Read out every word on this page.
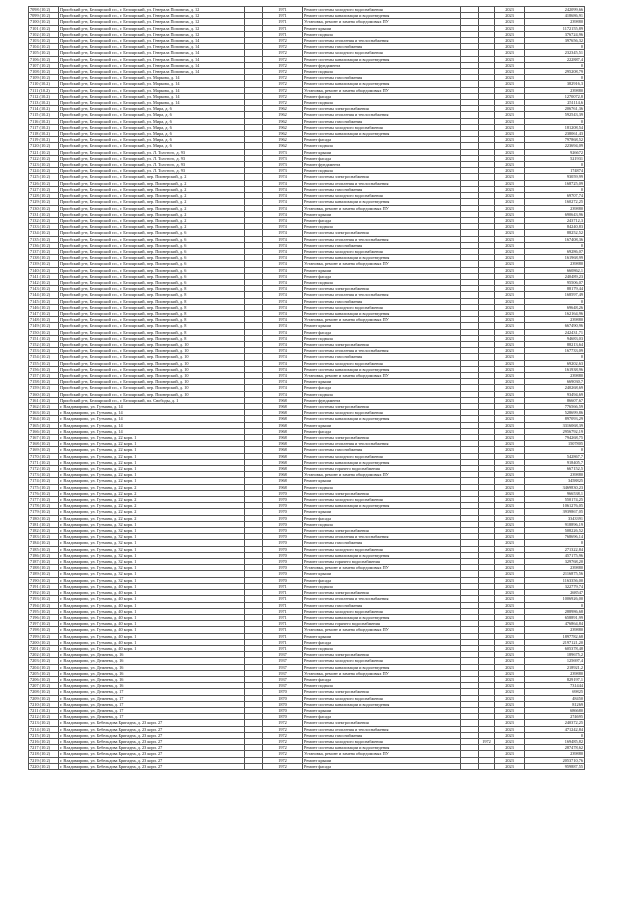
7098 (10.2)	Приобский р-н, Белоярский г.п., г. Белоярский, ул. Генерала Поповича, д. 12		1971	Ремонт системы холодного водоснабжения			2023	242099,66
7099 (10.2)	Приобский р-н, Белоярский г.п., г. Белоярский, ул. Генерала Поповича, д. 12		1971	Ремонт системы канализации и водоотведения			2023	418686,91
7100 (10.2)	Приобский р-н, Белоярский г.п., г. Белоярский, ул. Генерала Поповича, д. 12		1971	Установка, ремонт и замена общедомовых ПУ			2023	239880
7101 (10.2)	Приобский р-н, Белоярский г.п., г. Белоярский, ул. Генерала Поповича, д. 12		1971	Ремонт крыши			2023	1172155,89
7102 (10.2)	Приобский р-н, Белоярский г.п., г. Белоярский, ул. Генерала Поповича, д. 12		1971	Ремонт подвала			2023	376724,96
7103 (10.2)	Приобский р-н, Белоярский г.п., г. Белоярский, ул. Генерала Поповича, д. 14		1972	Ремонт системы отопления и теплоснабжения			2023	397656,32
7104 (10.2)	Приобский р-н, Белоярский г.п., г. Белоярский, ул. Генерала Поповича, д. 14		1972	Ремонт системы газоснабжения			2023	0
7105 (10.2)	Приобский р-н, Белоярский г.п., г. Белоярский, ул. Генерала Поповича, д. 14		1972	Ремонт системы холодного водоснабжения			2023	232345,51
7106 (10.2)	Приобский р-н, Белоярский г.п., г. Белоярский, ул. Генерала Поповича, д. 14		1972	Ремонт системы канализации и водоотведения			2023	222887,4
7107 (10.2)	Приобский р-н, Белоярский г.п., г. Белоярский, ул. Генерала Поповича, д. 14		1972	Ремонт фундамента			2023	0
7108 (10.2)	Приобский р-н, Белоярский г.п., г. Белоярский, ул. Генерала Поповича, д. 14		1972	Ремонт подвала			2023	295208,79
7109 (10.2)	Приобский р-н, Белоярский г.п., г. Белоярский, ул. Маркова, д. 14		1972	Ремонт системы газоснабжения			2023	0
7110 (10.2)	Приобский р-н, Белоярский г.п., г. Белоярский, ул. Маркова, д. 14		1972	Ремонт системы канализации и водоотведения			2023	382916,3
7111 (10.2)	Приобский р-н, Белоярский г.п., г. Белоярский, ул. Маркова, д. 14		1972	Установка, ремонт и замена общедомовых ПУ			2023	239880
7112 (10.2)	Приобский р-н, Белоярский г.п., г. Белоярский, ул. Маркова, д. 14		1972	Ремонт фасада			2023	1270072,8
7113 (10.2)	Приобский р-н, Белоярский г.п., г. Белоярский, ул. Маркова, д. 14		1972	Ремонт подвала			2023	251114,6
7114 (10.2)	Приобский р-н, Белоярский г.п., г. Белоярский, ул. Мира, д. 6		1962	Ремонт системы электроснабжения			2023	206761,36
7115 (10.2)	Приобский р-н, Белоярский г.п., г. Белоярский, ул. Мира, д. 6		1962	Ремонт системы отопления и теплоснабжения			2023	592543,39
7116 (10.2)	Приобский р-н, Белоярский г.п., г. Белоярский, ул. Мира, д. 6		1962	Ремонт системы газоснабжения			2023	0
7117 (10.2)	Приобский р-н, Белоярский г.п., г. Белоярский, ул. Мира, д. 6		1962	Ремонт системы холодного водоснабжения			2023	181208,54
7118 (10.2)	Приобский р-н, Белоярский г.п., г. Белоярский, ул. Мира, д. 6		1962	Ремонт системы канализации и водоотведения			2023	238061,43
7119 (10.2)	Приобский р-н, Белоярский г.п., г. Белоярский, ул. Мира, д. 6		1962	Ремонт фасада			2023	797868,52
7120 (10.2)	Приобский р-н, Белоярский г.п., г. Белоярский, ул. Мира, д. 6		1962	Ремонт подвала			2023	223694,09
7121 (10.2)	Приобский р-н, Белоярский г.п., г. Белоярский, ул. Л. Толстого, д. 93		1973	Ремонт крыши			2023	926672
7122 (10.2)	Приобский р-н, Белоярский г.п., г. Белоярский, ул. Л. Толстого, д. 93		1973	Ремонт фасада			2023	521931
7123 (10.2)	Приобский р-н, Белоярский г.п., г. Белоярский, ул. Л. Толстого, д. 93		1973	Ремонт фундамента			2023	0
7124 (10.2)	Приобский р-н, Белоярский г.п., г. Белоярский, ул. Л. Толстого, д. 93		1973	Ремонт подвала			2023	174874
7125 (10.2)	Приобский р-н, Белоярский г.п., г. Белоярский, пер. Пионерский, д. 2		1974	Ремонт системы электроснабжения			2023	93059,99
7126 (10.2)	Приобский р-н, Белоярский г.п., г. Белоярский, пер. Пионерский, д. 2		1974	Ремонт системы отопления и теплоснабжения			2023	168725,09
7127 (10.2)	Приобский р-н, Белоярский г.п., г. Белоярский, пер. Пионерский, д. 2		1974	Ремонт системы газоснабжения			2023	0
7128 (10.2)	Приобский р-н, Белоярский г.п., г. Белоярский, пер. Пионерский, д. 2		1974	Ремонт системы холодного водоснабжения			2023	69707,74
7129 (10.2)	Приобский р-н, Белоярский г.п., г. Белоярский, пер. Пионерский, д. 2		1974	Ремонт системы канализации и водоотведения			2023	160272,25
7130 (10.2)	Приобский р-н, Белоярский г.п., г. Белоярский, пер. Пионерский, д. 2		1974	Установка, ремонт и замена общедомовых ПУ			2023	239880
7131 (10.2)	Приобский р-н, Белоярский г.п., г. Белоярский, пер. Пионерский, д. 2		1974	Ремонт крыши			2023	690643,96
7132 (10.2)	Приобский р-н, Белоярский г.п., г. Белоярский, пер. Пионерский, д. 2		1974	Ремонт фасада			2023	243712,3
7133 (10.2)	Приобский р-н, Белоярский г.п., г. Белоярский, пер. Пионерский, д. 2		1974	Ремонт подвала			2023	84240,83
7134 (10.2)	Приобский р-н, Белоярский г.п., г. Белоярский, пер. Пионерский, д. 6		1974	Ремонт системы электроснабжения			2023	88252,52
7135 (10.2)	Приобский р-н, Белоярский г.п., г. Белоярский, пер. Пионерский, д. 6		1974	Ремонт системы отопления и теплоснабжения			2023	167408,36
7136 (10.2)	Приобский р-н, Белоярский г.п., г. Белоярский, пер. Пионерский, д. 6		1974	Ремонт системы газоснабжения			2023	0
7137 (10.2)	Приобский р-н, Белоярский г.п., г. Белоярский, пер. Пионерский, д. 6		1974	Ремонт системы холодного водоснабжения			2023	69286,07
7138 (10.2)	Приобский р-н, Белоярский г.п., г. Белоярский, пер. Пионерский, д. 6		1974	Ремонт системы канализации и водоотведения			2023	161968,99
7139 (10.2)	Приобский р-н, Белоярский г.п., г. Белоярский, пер. Пионерский, д. 6		1974	Установка, ремонт и замена общедомовых ПУ			2023	239880
7140 (10.2)	Приобский р-н, Белоярский г.п., г. Белоярский, пер. Пионерский, д. 6		1974	Ремонт крыши			2023	660862,1
7141 (10.2)	Приобский р-н, Белоярский г.п., г. Белоярский, пер. Пионерский, д. 6		1974	Ремонт фасада			2023	240489,23
7142 (10.2)	Приобский р-н, Белоярский г.п., г. Белоярский, пер. Пионерский, д. 6		1974	Ремонт подвала			2023	95506,07
7143 (10.2)	Приобский р-н, Белоярский г.п., г. Белоярский, пер. Пионерский, д. 8		1974	Ремонт системы электроснабжения			2023	88179,44
7144 (10.2)	Приобский р-н, Белоярский г.п., г. Белоярский, пер. Пионерский, д. 8		1974	Ремонт системы отопления и теплоснабжения			2023	168597,49
7145 (10.2)	Приобский р-н, Белоярский г.п., г. Белоярский, пер. Пионерский, д. 8		1974	Ремонт системы газоснабжения			2023	0
7146 (10.2)	Приобский р-н, Белоярский г.п., г. Белоярский, пер. Пионерский, д. 8		1974	Ремонт системы холодного водоснабжения			2023	69648,26
7147 (10.2)	Приобский р-н, Белоярский г.п., г. Белоярский, пер. Пионерский, д. 8		1974	Ремонт системы канализации и водоотведения			2023	162164,96
7148 (10.2)	Приобский р-н, Белоярский г.п., г. Белоярский, пер. Пионерский, д. 8		1974	Установка, ремонт и замена общедомовых ПУ			2023	239880
7149 (10.2)	Приобский р-н, Белоярский г.п., г. Белоярский, пер. Пионерский, д. 8		1974	Ремонт крыши			2023	667490,96
7150 (10.2)	Приобский р-н, Белоярский г.п., г. Белоярский, пер. Пионерский, д. 8		1974	Ремонт фасада			2023	242431,71
7151 (10.2)	Приобский р-н, Белоярский г.п., г. Белоярский, пер. Пионерский, д. 8		1974	Ремонт подвала			2023	94683,03
7152 (10.2)	Приобский р-н, Белоярский г.п., г. Белоярский, пер. Пионерский, д. 10		1974	Ремонт системы электроснабжения			2023	88213,64
7153 (10.2)	Приобский р-н, Белоярский г.п., г. Белоярский, пер. Пионерский, д. 10		1974	Ремонт системы отопления и теплоснабжения			2023	167733,09
7154 (10.2)	Приобский р-н, Белоярский г.п., г. Белоярский, пер. Пионерский, д. 10		1974	Ремонт системы газоснабжения			2023	0
7155 (10.2)	Приобский р-н, Белоярский г.п., г. Белоярский, пер. Пионерский, д. 10		1974	Ремонт системы холодного водоснабжения			2023	69202,63
7156 (10.2)	Приобский р-н, Белоярский г.п., г. Белоярский, пер. Пионерский, д. 10		1974	Ремонт системы канализации и водоотведения			2023	161938,96
7157 (10.2)	Приобский р-н, Белоярский г.п., г. Белоярский, пер. Пионерский, д. 10		1974	Установка, ремонт и замена общедомовых ПУ			2023	239880
7158 (10.2)	Приобский р-н, Белоярский г.п., г. Белоярский, пер. Пионерский, д. 10		1974	Ремонт крыши			2023	669030,7
7159 (10.2)	Приобский р-н, Белоярский г.п., г. Белоярский, пер. Пионерский, д. 10		1974	Ремонт фасада			2023	240268,69
7160 (10.2)	Приобский р-н, Белоярский г.п., г. Белоярский, пер. Пионерский, д. 10		1974	Ремонт подвала			2023	93494,69
7161 (10.2)	Приобский р-н, Белоярский г.п., г. Белоярский, пл. Свободы, д. 1		1968	Ремонт фундамента			2023	86607,67
7162 (10.2)	г. Владимирово, ул. Гутмана, д. 14		1968	Ремонт системы электроснабжения			2023	776566,59
7163 (10.2)	г. Владимирово, ул. Гутмана, д. 14		1968	Ремонт системы холодного водоснабжения			2023	528699,86
7164 (10.2)	г. Владимирово, ул. Гутмана, д. 14		1968	Ремонт системы канализации и водоотведения			2023	897093,29
7165 (10.2)	г. Владимирово, ул. Гутмана, д. 14		1968	Ремонт крыши			2023	3316068,39
7166 (10.2)	г. Владимирово, ул. Гутмана, д. 14		1968	Ремонт фасада			2023	2956792,19
7167 (10.2)	г. Владимирово, ул. Гутмана, д. 22 корп. 1		1968	Ремонт системы электроснабжения			2023	794268,75
7168 (10.2)	г. Владимирово, ул. Гутмана, д. 22 корп. 1		1968	Ремонт системы отопления и теплоснабжения			2023	1507805
7169 (10.2)	г. Владимирово, ул. Гутмана, д. 22 корп. 1		1968	Ремонт системы газоснабжения			2023	0
7170 (10.2)	г. Владимирово, ул. Гутмана, д. 22 корп. 1		1968	Ремонт системы холодного водоснабжения			2023	542867,7
7171 (10.2)	г. Владимирово, ул. Гутмана, д. 22 корп. 1		1968	Ремонт системы канализации и водоотведения			2023	918405,7
7172 (10.2)	г. Владимирово, ул. Гутмана, д. 22 корп. 1		1968	Ремонт системы горячего водоснабжения			2023	667152,5
7173 (10.2)	г. Владимирово, ул. Гутмана, д. 22 корп. 1		1968	Установка, ремонт и замена общедомовых ПУ			2023	239880
7174 (10.2)	г. Владимирово, ул. Гутмана, д. 22 корп. 1		1968	Ремонт крыши			2023	3458825
7175 (10.2)	г. Владимирово, ул. Гутмана, д. 22 корп. 2		1968	Ремонт подвала			2023	3469830,23
7176 (10.2)	г. Владимирово, ул. Гутмана, д. 22 корп. 2		1970	Ремонт системы электроснабжения			2023	966538,1
7177 (10.2)	г. Владимирово, ул. Гутмана, д. 22 корп. 2		1970	Ремонт системы холодного водоснабжения			2023	550174,25
7178 (10.2)	г. Владимирово, ул. Гутмана, д. 22 корп. 2		1970	Ремонт системы канализации и водоотведения			2023	1061276,05
7179 (10.2)	г. Владимирово, ул. Гутмана, д. 22 корп. 2		1970	Ремонт крыши			2023	3939867,05
7180 (10.2)	г. Владимирово, ул. Гутмана, д. 22 корп. 2		1970	Ремонт фасада			2023	3343391
7181 (10.2)	г. Владимирово, ул. Гутмана, д. 32 корп. 1		1970	Ремонт подвала			2023	918896,19
7182 (10.2)	г. Владимирово, ул. Гутмана, д. 32 корп. 1		1970	Ремонт системы электроснабжения			2023	508226,52
7183 (10.2)	г. Владимирово, ул. Гутмана, д. 32 корп. 1		1970	Ремонт системы отопления и теплоснабжения			2023	768696,14
7184 (10.2)	г. Владимирово, ул. Гутмана, д. 32 корп. 1		1970	Ремонт системы газоснабжения			2023	0
7185 (10.2)	г. Владимирово, ул. Гутмана, д. 32 корп. 1		1970	Ремонт системы холодного водоснабжения			2023	271322,84
7186 (10.2)	г. Владимирово, ул. Гутмана, д. 32 корп. 1		1970	Ремонт системы канализации и водоотведения			2023	457175,96
7187 (10.2)	г. Владимирово, ул. Гутмана, д. 32 корп. 1		1970	Ремонт системы горячего водоснабжения			2023	329768,20
7188 (10.2)	г. Владимирово, ул. Гутмана, д. 32 корп. 1		1970	Установка, ремонт и замена общедомовых ПУ			2023	239880
7189 (10.2)	г. Владимирово, ул. Гутмана, д. 32 корп. 1		1970	Ремонт крыши			2023	2116875,56
7190 (10.2)	г. Владимирово, ул. Гутмана, д. 32 корп. 1		1970	Ремонт фасада			2023	1163356,00
7191 (10.2)	г. Владимирово, ул. Гутмана, д. 40 корп. 1		1971	Ремонт подвала			2023	322779,74
7192 (10.2)	г. Владимирово, ул. Гутмана, д. 40 корп. 1		1971	Ремонт системы электроснабжения			2023	268547
7193 (10.2)	г. Владимирово, ул. Гутмана, д. 40 корп. 1		1971	Ремонт системы отопления и теплоснабжения			2023	1006926,00
7194 (10.2)	г. Владимирово, ул. Гутмана, д. 40 корп. 1		1971	Ремонт системы газоснабжения			2023	0
7195 (10.2)	г. Владимирово, ул. Гутмана, д. 40 корп. 1		1971	Ремонт системы холодного водоснабжения			2023	288986,68
7196 (10.2)	г. Владимирово, ул. Гутмана, д. 40 корп. 1		1971	Ремонт системы канализации и водоотведения			2023	658891,99
7197 (10.2)	г. Владимирово, ул. Гутмана, д. 40 корп. 1		1971	Ремонт системы горячего водоснабжения			2023	476864,84
7198 (10.2)	г. Владимирово, ул. Гутмана, д. 40 корп. 1		1971	Установка, ремонт и замена общедомовых ПУ			2023	239880
7199 (10.2)	г. Владимирово, ул. Гутмана, д. 40 корп. 1		1971	Ремонт крыши			2023	1897782,68
7200 (10.2)	г. Владимирово, ул. Гутмана, д. 40 корп. 1		1971	Ремонт фасада			2023	2197121,20
7201 (10.2)	г. Владимирово, ул. Гутмана, д. 40 корп. 1		1971	Ремонт подвала			2023	605378,48
7202 (10.2)	г. Владимирово, ул. Дежнева, д. 16		1937	Ремонт системы электроснабжения			2023	189675,2
7203 (10.2)	г. Владимирово, ул. Дежнева, д. 16		1937	Ремонт системы холодного водоснабжения			2023	125697,4
7204 (10.2)	г. Владимирово, ул. Дежнева, д. 16		1937	Ремонт системы канализации и водоотведения			2023	218921,2
7205 (10.2)	г. Владимирово, ул. Дежнева, д. 16		1937	Установка, ремонт и замена общедомовых ПУ			2023	239880
7206 (10.2)	г. Владимирово, ул. Дежнева, д. 16		1937	Ремонт фасада			2023	829197,1
7207 (10.2)	г. Владимирово, ул. Дежнева, д. 16		1937	Ремонт подвала			2023	731444
7208 (10.2)	г. Владимирово, ул. Дежнева, д. 17		1870	Ремонт системы электроснабжения			2023	69825
7209 (10.2)	г. Владимирово, ул. Дежнева, д. 17		1870	Ремонт системы холодного водоснабжения			2023	48450
7210 (10.2)	г. Владимирово, ул. Дежнева, д. 17		1870	Ремонт системы канализации и водоотведения			2023	81269
7211 (10.2)	г. Владимирово, ул. Дежнева, д. 17		1870	Ремонт крыши			2023	686680
7212 (10.2)	г. Владимирово, ул. Дежнева, д. 17		1870	Ремонт фасада			2023	274695
7213 (10.2)	г. Владимирово, ул. Бебельдова Бригадна, д. 23 корп. 27		1972	Ремонт системы электроснабжения			2023	240372,25
7214 (10.2)	г. Владимирово, ул. Бебельдова Бригадна, д. 23 корп. 27		1972	Ремонт системы отопления и теплоснабжения			2023	471242,84
7215 (10.2)	г. Владимирово, ул. Бебельдова Бригадна, д. 23 корп. 27		1972	Ремонт системы газоснабжения			2023	0
7216 (10.2)	г. Владимирово, ул. Бебельдова Бригадна, д. 23 корп. 27		1972	Ремонт системы холодного водоснабжения		1972	2023	169485,82
7217 (10.2)	г. Владимирово, ул. Бебельдова Бригадна, д. 23 корп. 27		1972	Ремонт системы канализации и водоотведения			2023	287478,62
7218 (10.2)	г. Владимирово, ул. Бебельдова Бригадна, д. 23 корп. 27		1972	Установка, ремонт и замена общедомовых ПУ			2023	239880
7219 (10.2)	г. Владимирово, ул. Бебельдова Бригадна, д. 23 корп. 27		1972	Ремонт крыши			2023	2053710,76
7220 (10.2)	г. Владимирово, ул. Бебельдова Бригадна, д. 23 корп. 27		1972	Ремонт фасада			2023	959887,55
